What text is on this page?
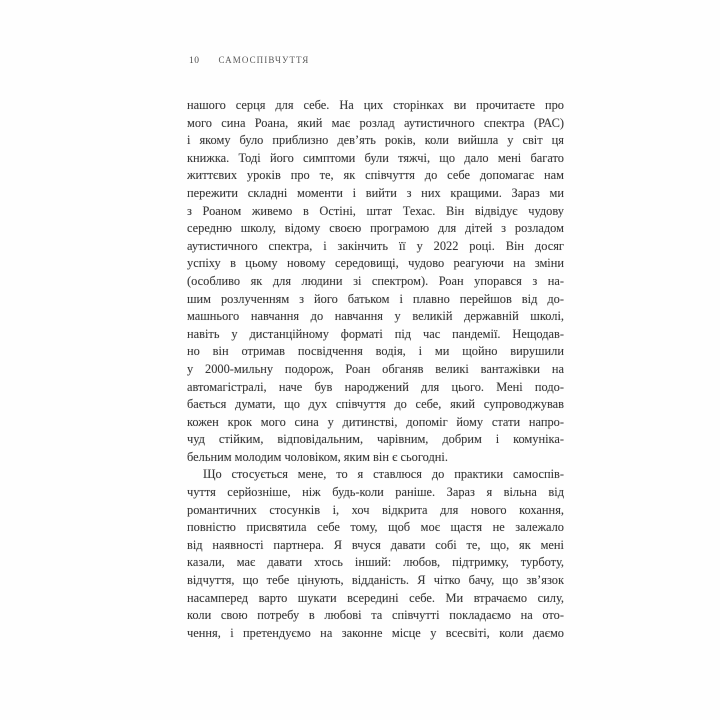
10 САМОСПІВЧУТТЯ
нашого серця для себе. На цих сторінках ви прочитаєте про
мого сина Роана, який має розлад аутистичного спектра (РАС)
і якому було приблизно дев’ять років, коли вийшла у світ ця
книжка. Тоді його симптоми були тяжчі, що дало мені багато
життєвих уроків про те, як співчуття до себе допомагає нам
пережити складні моменти і вийти з них кращими. Зараз ми
з Роаном живемо в Остіні, штат Техас. Він відвідує чудову
середню школу, відому своєю програмою для дітей з розладом
аутистичного спектра, і закінчить її у 2022 році. Він досяг
успіху в цьому новому середовищі, чудово реагуючи на зміни
(особливо як для людини зі спектром). Роан упорався з на-
шим розлученням з його батьком і плавно перейшов від до-
машнього навчання до навчання у великій державній школі,
навіть у дистанційному форматі під час пандемії. Нещодав-
но він отримав посвідчення водія, і ми щойно вирушили
у 2000-мильну подорож, Роан обганяв великі вантажівки на
автомагістралі, наче був народжений для цього. Мені подо-
бається думати, що дух співчуття до себе, який супроводжував
кожен крок мого сина у дитинстві, допоміг йому стати напро-
чуд стійким, відповідальним, чарівним, добрим і комуніка-
бельним молодим чоловіком, яким він є сьогодні.
Що стосується мене, то я ставлюся до практики самоспів-
чуття серйозніше, ніж будь-коли раніше. Зараз я вільна від
романтичних стосунків і, хоч відкрита для нового кохання,
повністю присвятила себе тому, щоб моє щастя не залежало
від наявності партнера. Я вчуся давати собі те, що, як мені
казали, має давати хтось інший: любов, підтримку, турботу,
відчуття, що тебе цінують, відданість. Я чітко бачу, що зв’язок
насамперед варто шукати всередині себе. Ми втрачаємо силу,
коли свою потребу в любові та співчутті покладаємо на ото-
чення, і претендуємо на законне місце у всесвіті, коли даємо
